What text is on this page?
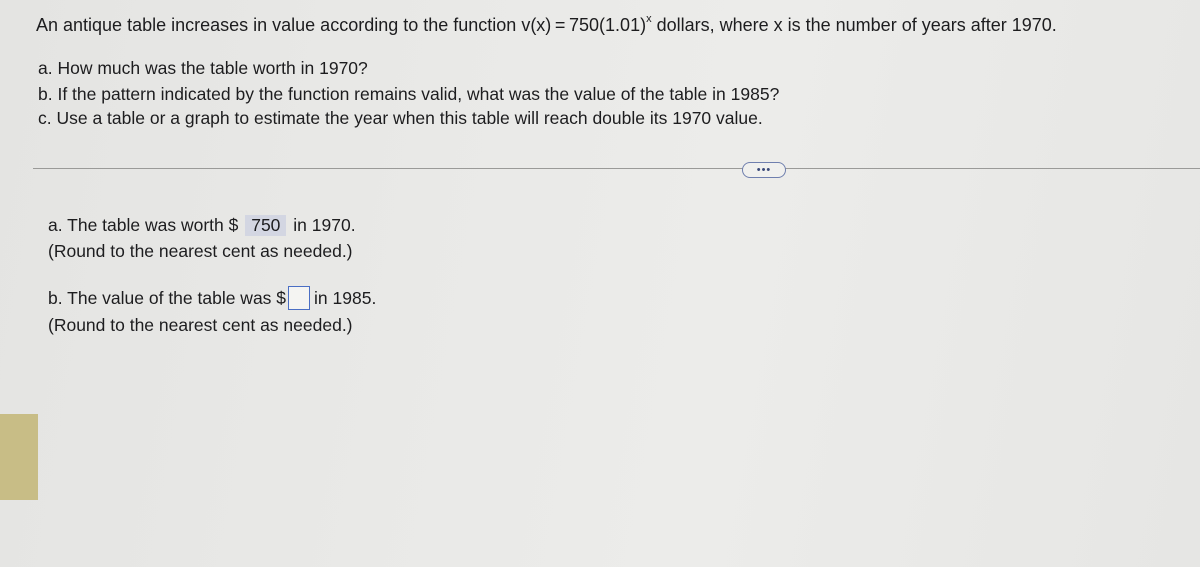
An antique table increases in value according to the function $v(x) = 750(1.01)^x$ dollars, where x is the number of years after 1970.
a. How much was the table worth in 1970?
b. If the pattern indicated by the function remains valid, what was the value of the table in 1985?
c. Use a table or a graph to estimate the year when this table will reach double its 1970 value.
•••
a. The table was worth $ 750 in 1970.
(Round to the nearest cent as needed.)
b. The value of the table was $ in 1985.
(Round to the nearest cent as needed.)
